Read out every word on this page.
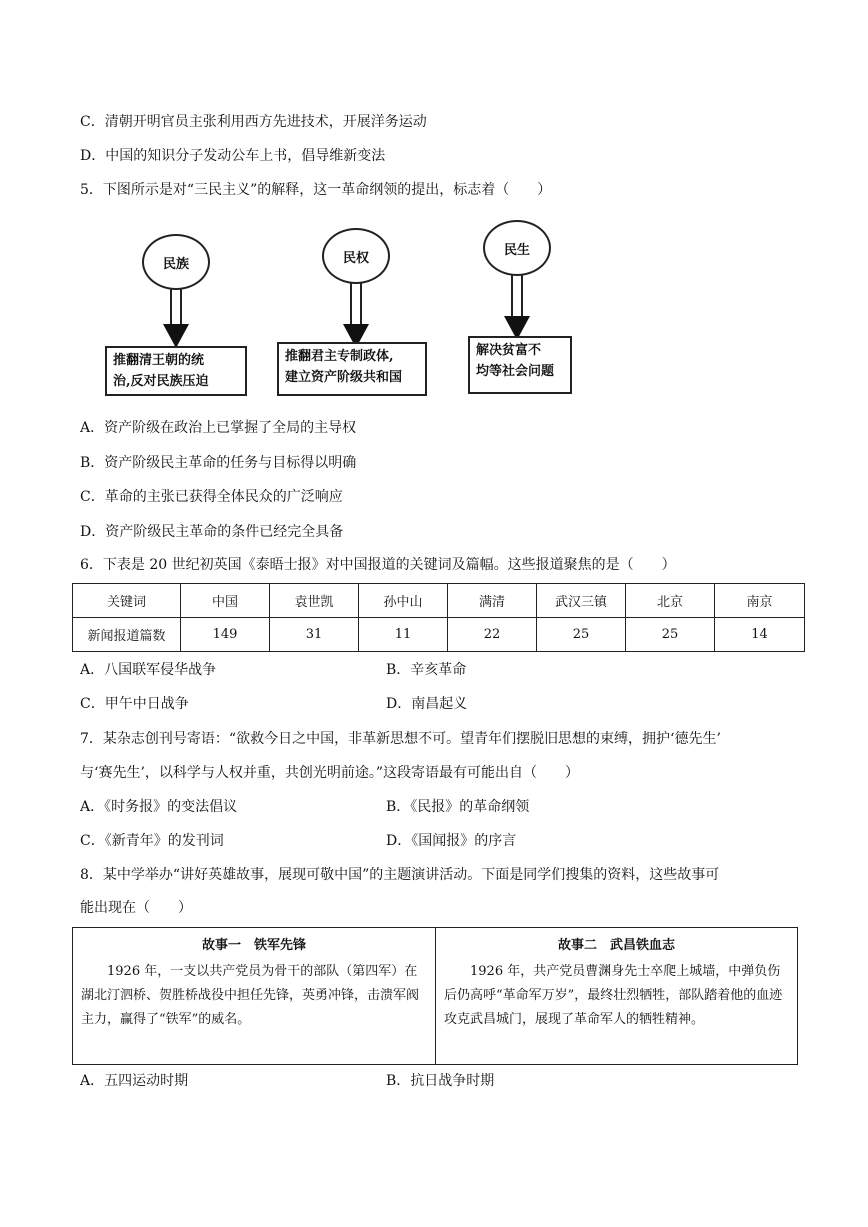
C．清朝开明官员主张利用西方先进技术，开展洋务运动
D．中国的知识分子发动公车上书，倡导维新变法
5．下图所示是对“三民主义”的解释，这一革命纲领的提出，标志着（　　）
民族
推翻清王朝的统
治,反对民族压迫
民权
推翻君主专制政体,
建立资产阶级共和国
民生
解决贫富不
均等社会问题
A．资产阶级在政治上已掌握了全局的主导权
B．资产阶级民主革命的任务与目标得以明确
C．革命的主张已获得全体民众的广泛响应
D．资产阶级民主革命的条件已经完全具备
6．下表是 20 世纪初英国《泰晤士报》对中国报道的关键词及篇幅。这些报道聚焦的是（　　）
关键词	中国	袁世凯	孙中山	满清	武汉三镇	北京	南京
新闻报道篇数	149	31	11	22	25	25	14
A．八国联军侵华战争	B．辛亥革命
C．甲午中日战争	D．南昌起义
7．某杂志创刊号寄语：“欲救今日之中国，非革新思想不可。望青年们摆脱旧思想的束缚，拥护‘德先生’
与‘赛先生’，以科学与人权并重，共创光明前途。”这段寄语最有可能出自（　　）
A．《时务报》的变法倡议	B．《民报》的革命纲领
C．《新青年》的发刊词	D．《国闻报》的序言
8．某中学举办“讲好英雄故事，展现可敬中国”的主题演讲活动。下面是同学们搜集的资料，这些故事可
能出现在（　　）
故事一　铁军先锋
1926 年，一支以共产党员为骨干的部队（第四军）在湖北汀泗桥、贺胜桥战役中担任先锋，英勇冲锋，击溃军阀主力，赢得了“铁军”的威名。
故事二　武昌铁血志
1926 年，共产党员曹渊身先士卒爬上城墙，中弹负伤后仍高呼“革命军万岁”，最终壮烈牺牲，部队踏着他的血迹攻克武昌城门，展现了革命军人的牺牲精神。
A．五四运动时期	B．抗日战争时期
